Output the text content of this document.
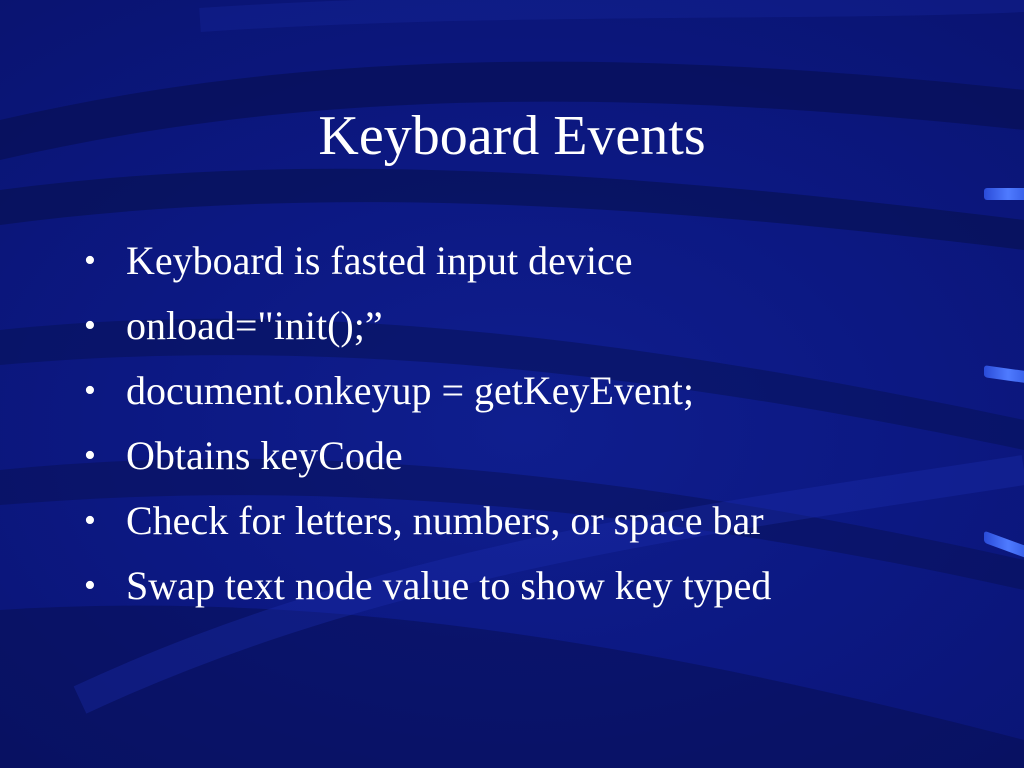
Keyboard Events
• Keyboard is fasted input device
• onload="init();”
• document.onkeyup = getKeyEvent;
• Obtains keyCode
• Check for letters, numbers, or space bar
• Swap text node value to show key typed
